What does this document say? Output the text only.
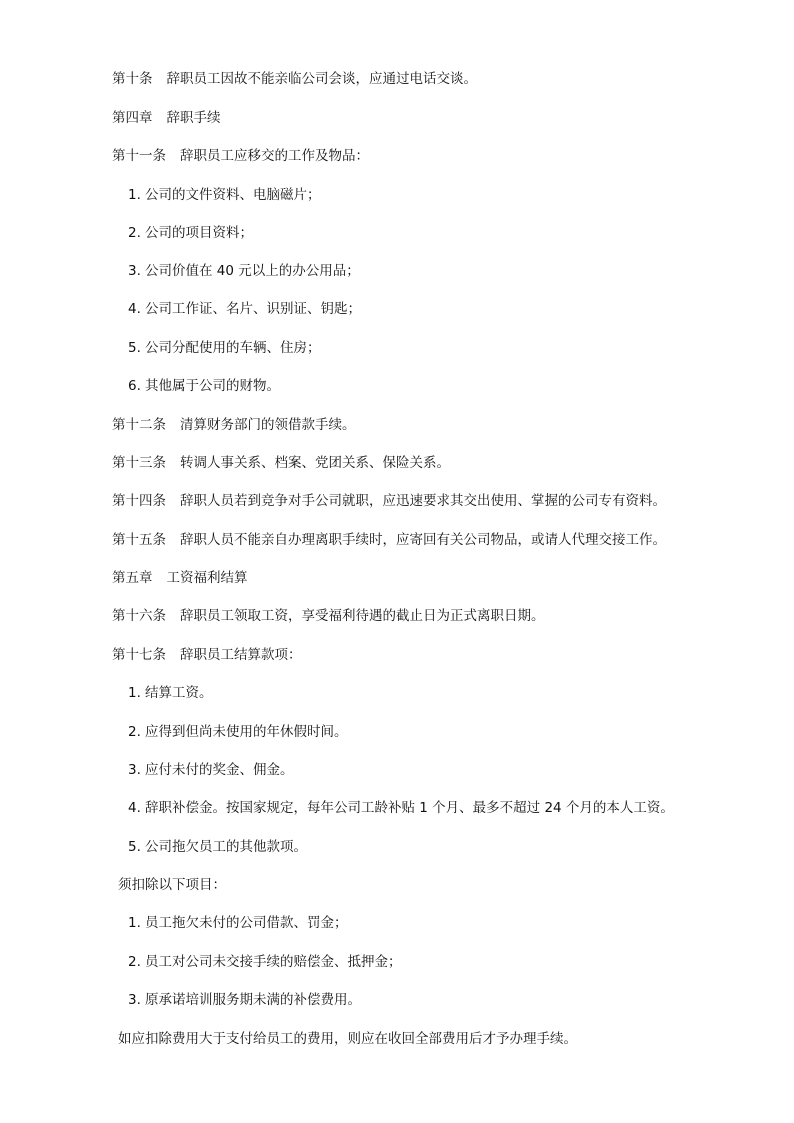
第十条 辞职员工因故不能亲临公司会谈，应通过电话交谈。
第四章 辞职手续
第十一条 辞职员工应移交的工作及物品：
1. 公司的文件资料、电脑磁片；
2. 公司的项目资料；
3. 公司价值在 40 元以上的办公用品；
4. 公司工作证、名片、识别证、钥匙；
5. 公司分配使用的车辆、住房；
6. 其他属于公司的财物。
第十二条 清算财务部门的领借款手续。
第十三条 转调人事关系、档案、党团关系、保险关系。
第十四条 辞职人员若到竞争对手公司就职，应迅速要求其交出使用、掌握的公司专有资料。
第十五条 辞职人员不能亲自办理离职手续时，应寄回有关公司物品，或请人代理交接工作。
第五章 工资福利结算
第十六条 辞职员工领取工资，享受福利待遇的截止日为正式离职日期。
第十七条 辞职员工结算款项：
1. 结算工资。
2. 应得到但尚未使用的年休假时间。
3. 应付未付的奖金、佣金。
4. 辞职补偿金。按国家规定，每年公司工龄补贴 1 个月、最多不超过 24 个月的本人工资。
5. 公司拖欠员工的其他款项。
须扣除以下项目：
1. 员工拖欠未付的公司借款、罚金；
2. 员工对公司未交接手续的赔偿金、抵押金；
3. 原承诺培训服务期未满的补偿费用。
如应扣除费用大于支付给员工的费用，则应在收回全部费用后才予办理手续。
